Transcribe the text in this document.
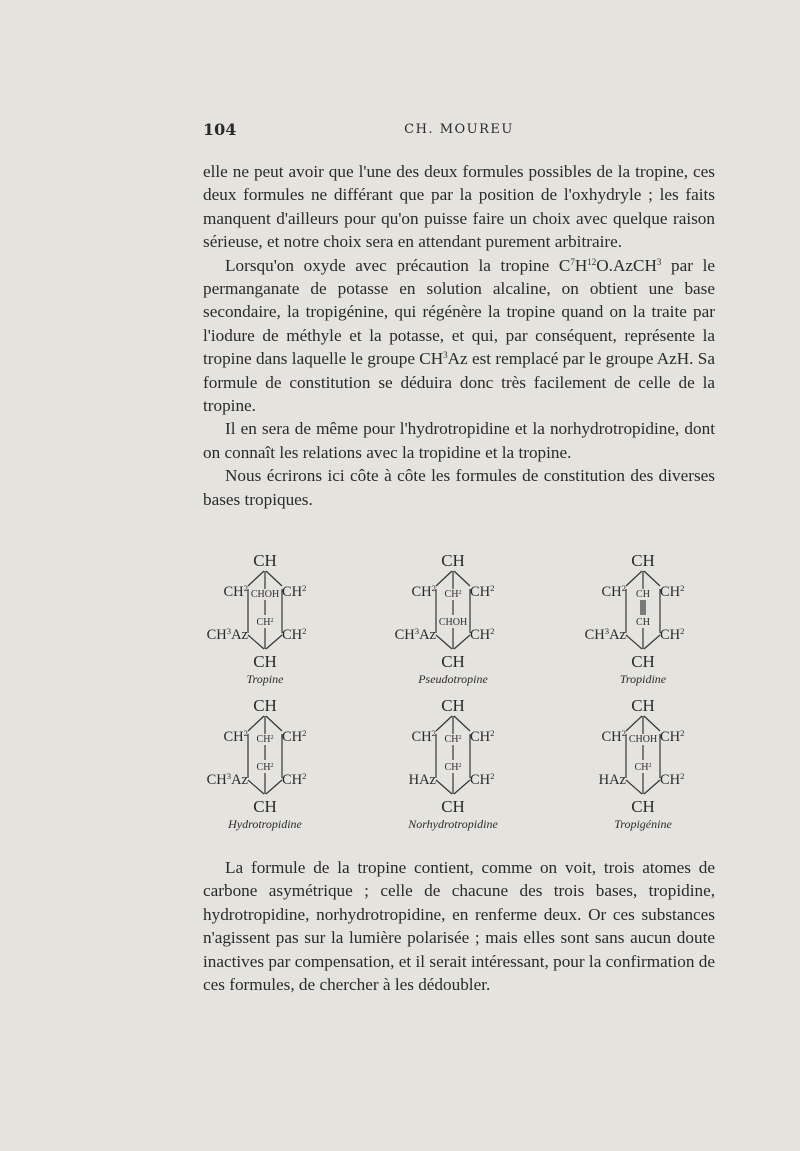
104	CH. MOUREU

elle ne peut avoir que l'une des deux formules possibles de la tropine, ces deux formules ne différant que par la position de l'oxhydryle ; les faits manquent d'ailleurs pour qu'on puisse faire un choix avec quelque raison sérieuse, et notre choix sera en attendant purement arbitraire.

Lorsqu'on oxyde avec précaution la tropine $C^7H^{12}O.AzCH^3$ par le permanganate de potasse en solution alcaline, on obtient une base secondaire, la tropigénine, qui régénère la tropine quand on la traite par l'iodure de méthyle et la potasse, et qui, par conséquent, représente la tropine dans laquelle le groupe $CH^3Az$ est remplacé par le groupe AzH. Sa formule de constitution se déduira donc très facilement de celle de la tropine.

Il en sera de même pour l'hydrotropidine et la norhydrotropidine, dont on connaît les relations avec la tropidine et la tropine.

Nous écrirons ici côte à côte les formules de constitution des diverses bases tropiques.

CH
CH
$CH^2$ $CH^2$
$CH^3Az$ $CH^2$
CHOH
$CH^2$
Tropine
CH
CH
$CH^2$ $CH^2$
$CH^3Az$ $CH^2$
$CH^2$
CHOH
Pseudotropine
CH
CH
$CH^2$ $CH^2$
$CH^3Az$ $CH^2$
CH
CH
Tropidine
CH
CH
$CH^2$ $CH^2$
$CH^3Az$ $CH^2$
$CH^2$
$CH^2$
Hydrotropidine
CH
CH
$CH^2$ $CH^2$
HAz $CH^2$
$CH^2$
$CH^2$
Norhydrotropidine
CH
CH
$CH^2$ $CH^2$
HAz $CH^2$
CHOH
$CH^2$
Tropigénine

La formule de la tropine contient, comme on voit, trois atomes de carbone asymétrique ; celle de chacune des trois bases, tropidine, hydrotropidine, norhydrotropidine, en renferme deux. Or ces substances n'agissent pas sur la lumière polarisée ; mais elles sont sans aucun doute inactives par compensation, et il serait intéressant, pour la confirmation de ces formules, de chercher à les dédoubler.
